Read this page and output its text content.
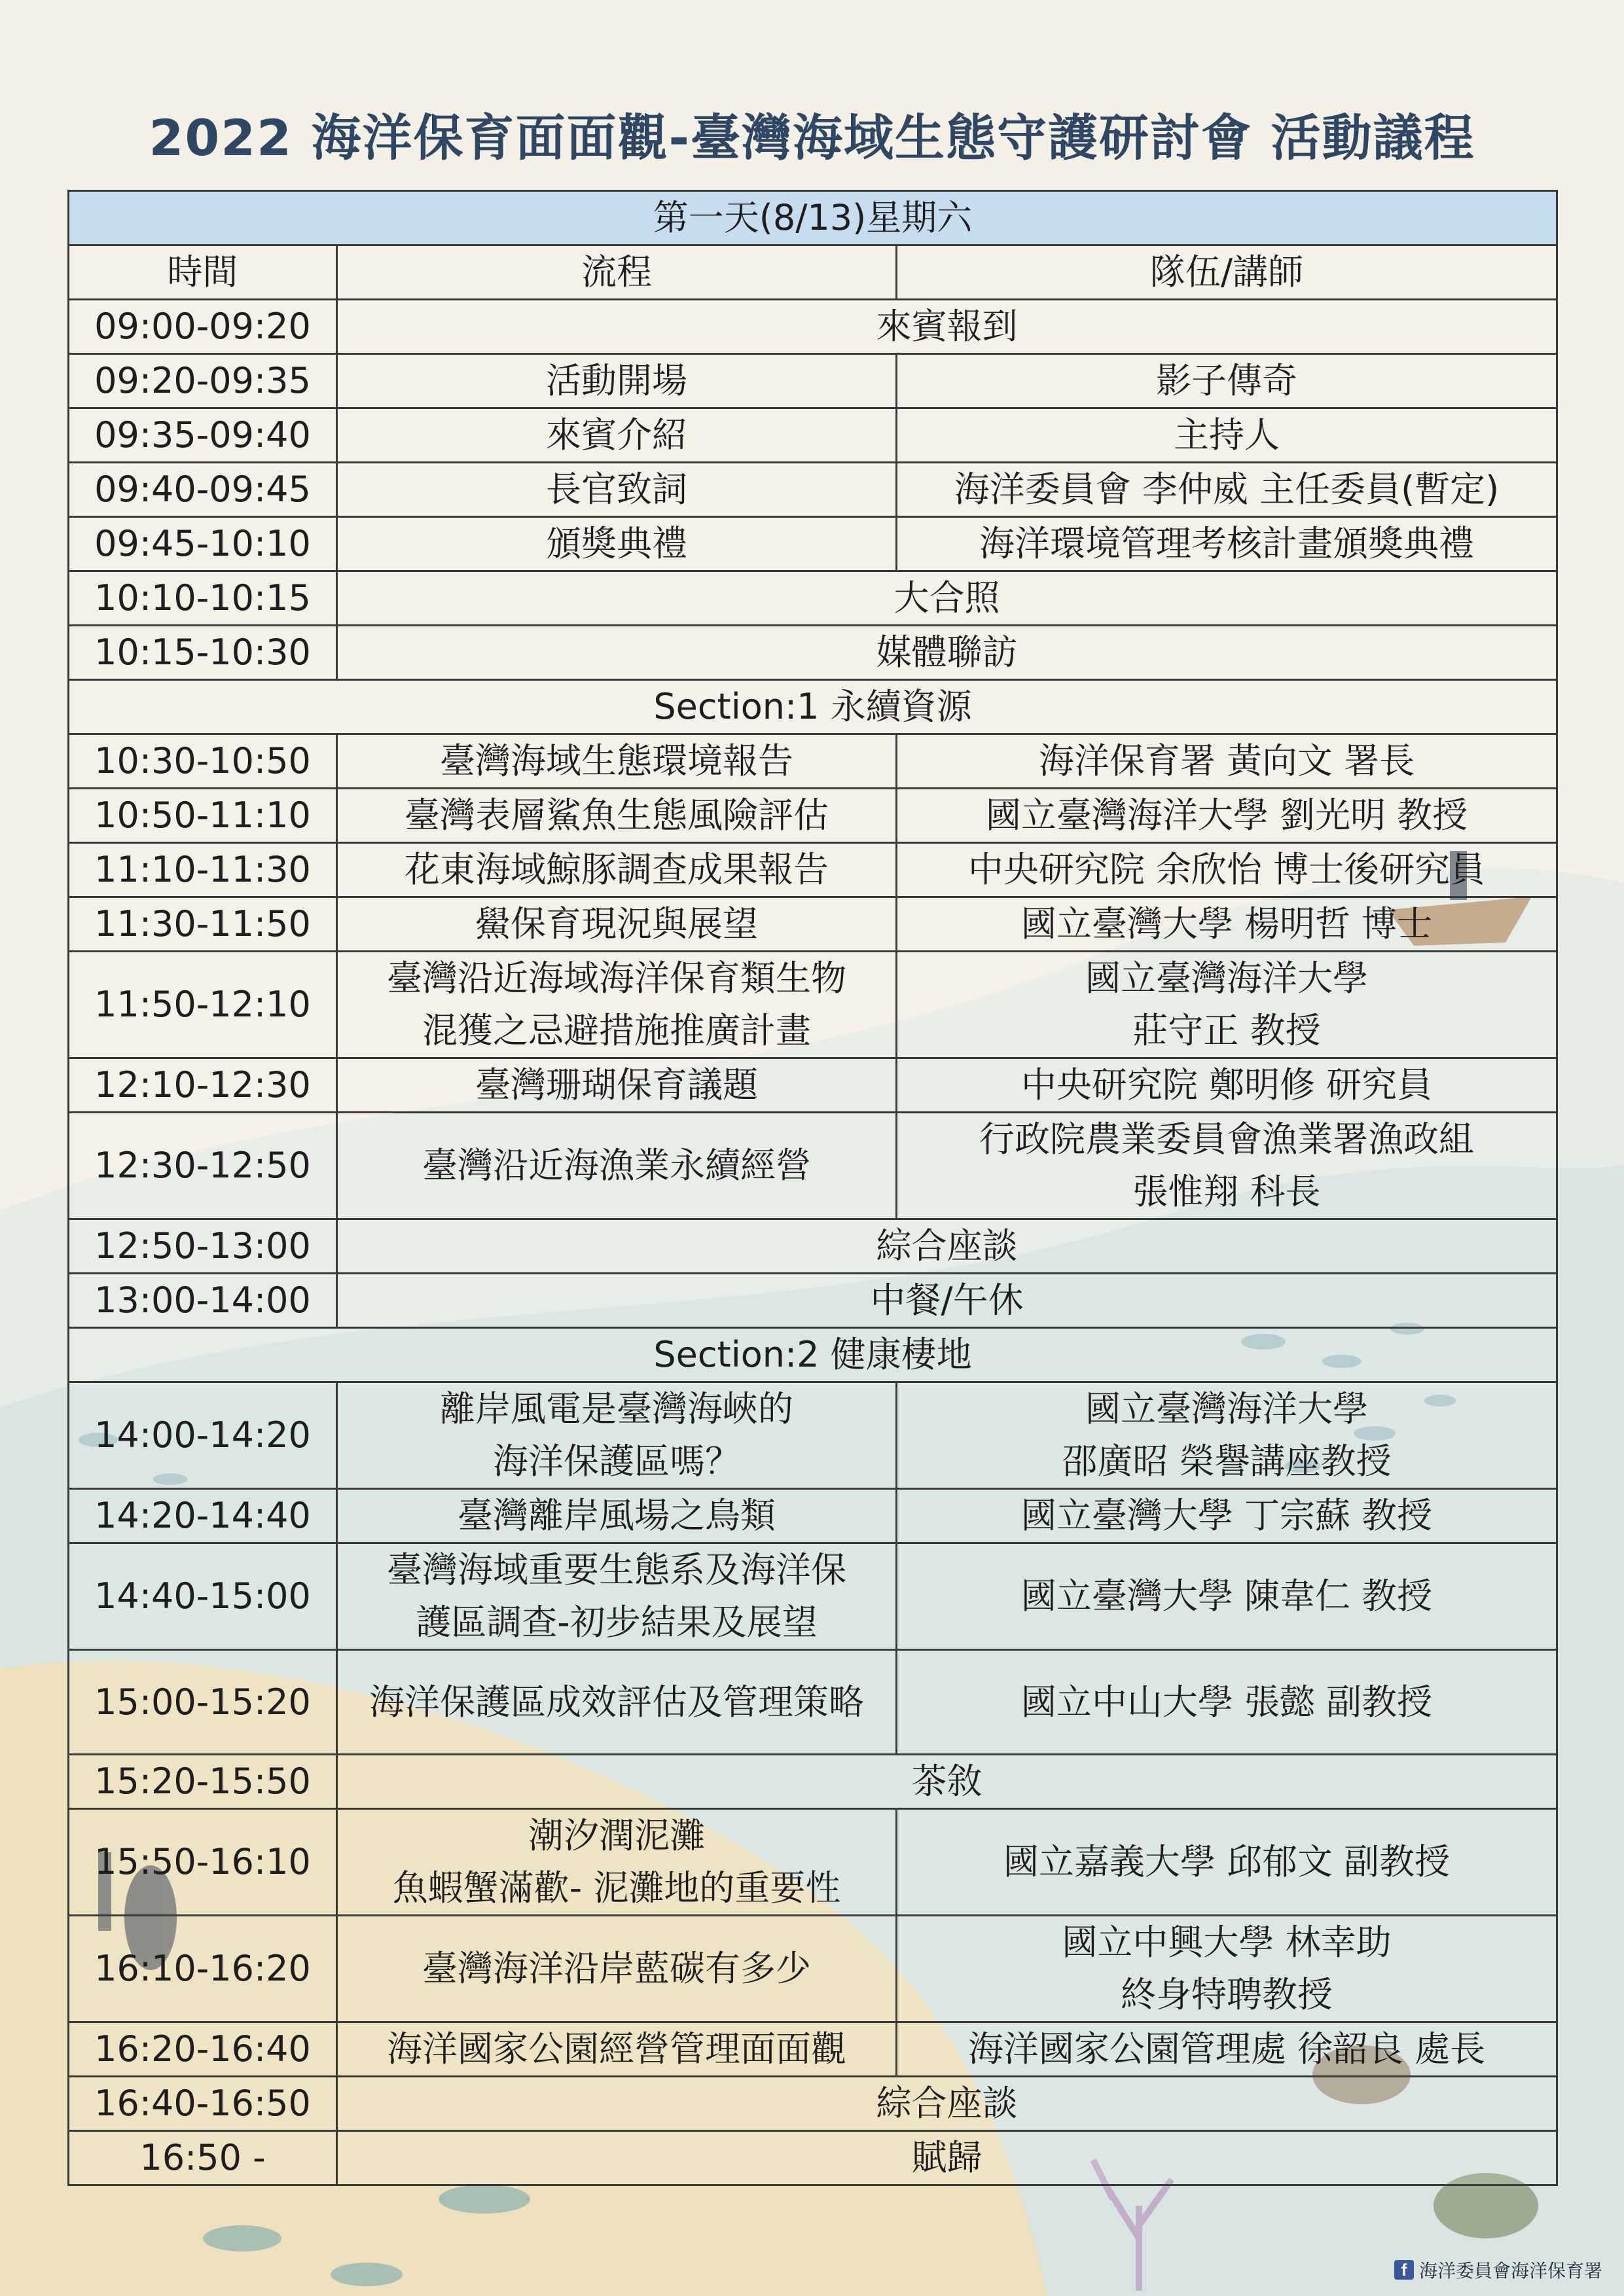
2022 海洋保育面面觀-臺灣海域生態守護研討會 活動議程
第一天(8/13)星期六		
時間	流程	隊伍/講師
09:00-09:20	來賓報到	
09:20-09:35	活動開場	影子傳奇

09:35-09:40	來賓介紹	主持人

09:40-09:45	長官致詞	海洋委員會 李仲威 主任委員(暫定)

09:45-10:10	頒獎典禮	海洋環境管理考核計畫頒獎典禮

10:10-10:15	大合照	
10:15-10:30	媒體聯訪	
Section:1 永續資源		
10:30-10:50	臺灣海域生態環境報告	海洋保育署 黃向文 署長

10:50-11:10	臺灣表層鯊魚生態風險評估	國立臺灣海洋大學 劉光明 教授

11:10-11:30	花東海域鯨豚調查成果報告	中央研究院 余欣怡 博士後研究員

11:30-11:50	鱟保育現況與展望	國立臺灣大學 楊明哲 博士

11:50-12:10	臺灣沿近海域海洋保育類生物
混獲之忌避措施推廣計畫	國立臺灣海洋大學
莊守正 教授

12:10-12:30	臺灣珊瑚保育議題	中央研究院 鄭明修 研究員

12:30-12:50	臺灣沿近海漁業永續經營	行政院農業委員會漁業署漁政組
張惟翔 科長

12:50-13:00	綜合座談	
13:00-14:00	中餐/午休	
Section:2 健康棲地		
14:00-14:20	離岸風電是臺灣海峽的
海洋保護區嗎？	國立臺灣海洋大學
邵廣昭 榮譽講座教授

14:20-14:40	臺灣離岸風場之鳥類	國立臺灣大學 丁宗蘇 教授

14:40-15:00	臺灣海域重要生態系及海洋保
護區調查-初步結果及展望	國立臺灣大學 陳韋仁 教授

15:00-15:20	海洋保護區成效評估及管理策略	國立中山大學 張懿 副教授

15:20-15:50	茶敘	
15:50-16:10	潮汐潤泥灘
魚蝦蟹滿歡- 泥灘地的重要性	國立嘉義大學 邱郁文 副教授

16:10-16:20	臺灣海洋沿岸藍碳有多少	國立中興大學 林幸助
終身特聘教授

16:20-16:40	海洋國家公園經營管理面面觀	海洋國家公園管理處 徐韶良 處長

16:40-16:50	綜合座談	
16:50 -	賦歸	
f 海洋委員會海洋保育署
